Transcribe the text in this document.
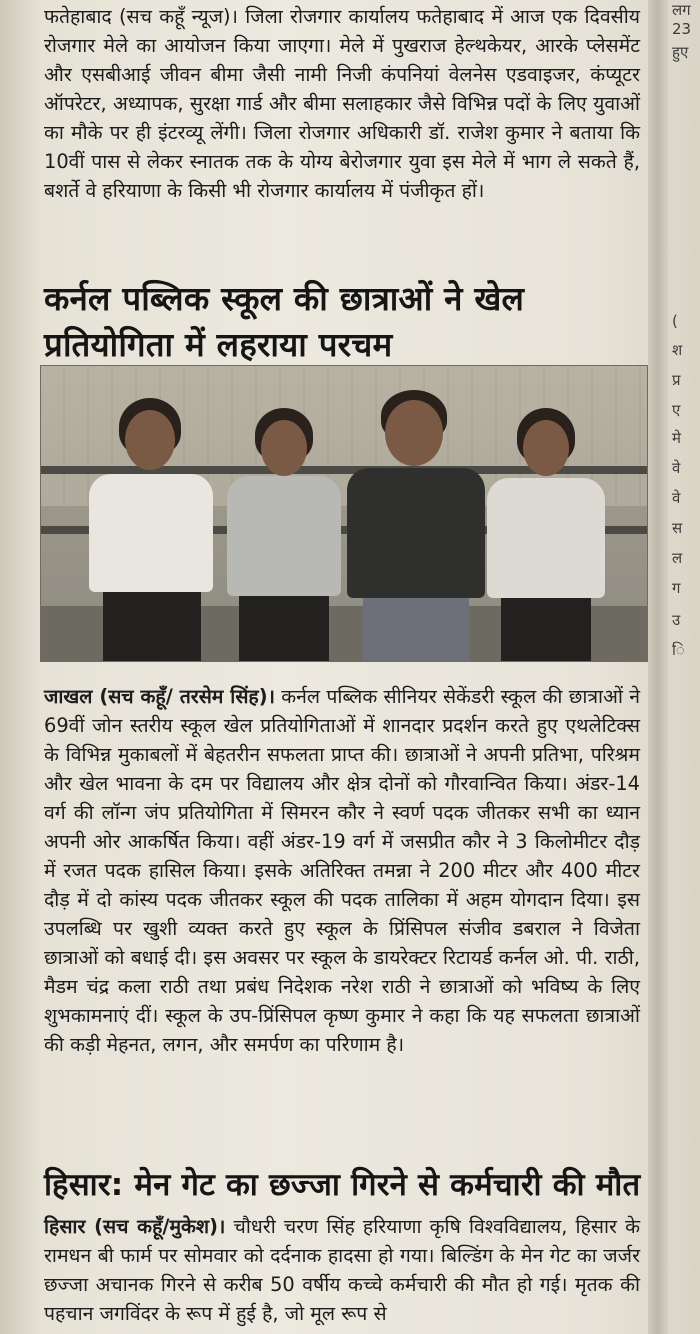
फतेहाबाद (सच कहूँ न्यूज)। जिला रोजगार कार्यालय फतेहाबाद में आज एक दिवसीय रोजगार मेले का आयोजन किया जाएगा। मेले में पुखराज हेल्थकेयर, आरके प्लेसमेंट और एसबीआई जीवन बीमा जैसी नामी निजी कंपनियां वेलनेस एडवाइजर, कंप्यूटर ऑपरेटर, अध्यापक, सुरक्षा गार्ड और बीमा सलाहकार जैसे विभिन्न पदों के लिए युवाओं का मौके पर ही इंटरव्यू लेंगी। जिला रोजगार अधिकारी डॉ. राजेश कुमार ने बताया कि 10वीं पास से लेकर स्नातक तक के योग्य बेरोजगार युवा इस मेले में भाग ले सकते हैं, बशर्ते वे हरियाणा के किसी भी रोजगार कार्यालय में पंजीकृत हों।

कर्नल पब्लिक स्कूल की छात्राओं ने खेल प्रतियोगिता में लहराया परचम

जाखल (सच कहूँ/ तरसेम सिंह)। कर्नल पब्लिक सीनियर सेकेंडरी स्कूल की छात्राओं ने 69वीं जोन स्तरीय स्कूल खेल प्रतियोगिताओं में शानदार प्रदर्शन करते हुए एथलेटिक्स के विभिन्न मुकाबलों में बेहतरीन सफलता प्राप्त की। छात्राओं ने अपनी प्रतिभा, परिश्रम और खेल भावना के दम पर विद्यालय और क्षेत्र दोनों को गौरवान्वित किया। अंडर-14 वर्ग की लॉन्ग जंप प्रतियोगिता में सिमरन कौर ने स्वर्ण पदक जीतकर सभी का ध्यान अपनी ओर आकर्षित किया। वहीं अंडर-19 वर्ग में जसप्रीत कौर ने 3 किलोमीटर दौड़ में रजत पदक हासिल किया। इसके अतिरिक्त तमन्ना ने 200 मीटर और 400 मीटर दौड़ में दो कांस्य पदक जीतकर स्कूल की पदक तालिका में अहम योगदान दिया। इस उपलब्धि पर खुशी व्यक्त करते हुए स्कूल के प्रिंसिपल संजीव डबराल ने विजेता छात्राओं को बधाई दी। इस अवसर पर स्कूल के डायरेक्टर रिटायर्ड कर्नल ओ. पी. राठी, मैडम चंद्र कला राठी तथा प्रबंध निदेशक नरेश राठी ने छात्राओं को भविष्य के लिए शुभकामनाएं दीं। स्कूल के उप-प्रिंसिपल कृष्ण कुमार ने कहा कि यह सफलता छात्राओं की कड़ी मेहनत, लगन, और समर्पण का परिणाम है।

हिसार: मेन गेट का छज्जा गिरने से कर्मचारी की मौत

हिसार (सच कहूँ/मुकेश)। चौधरी चरण सिंह हरियाणा कृषि विश्वविद्यालय, हिसार के रामधन बी फार्म पर सोमवार को दर्दनाक हादसा हो गया। बिल्डिंग के मेन गेट का जर्जर छज्जा अचानक गिरने से करीब 50 वर्षीय कच्चे कर्मचारी की मौत हो गई। मृतक की पहचान जगविंदर के रूप में हुई है, जो मूल रूप से

लग
23
हुए
(
श
प्र
ए
मे
वे
वे
स
ल
ग
उ
ि
